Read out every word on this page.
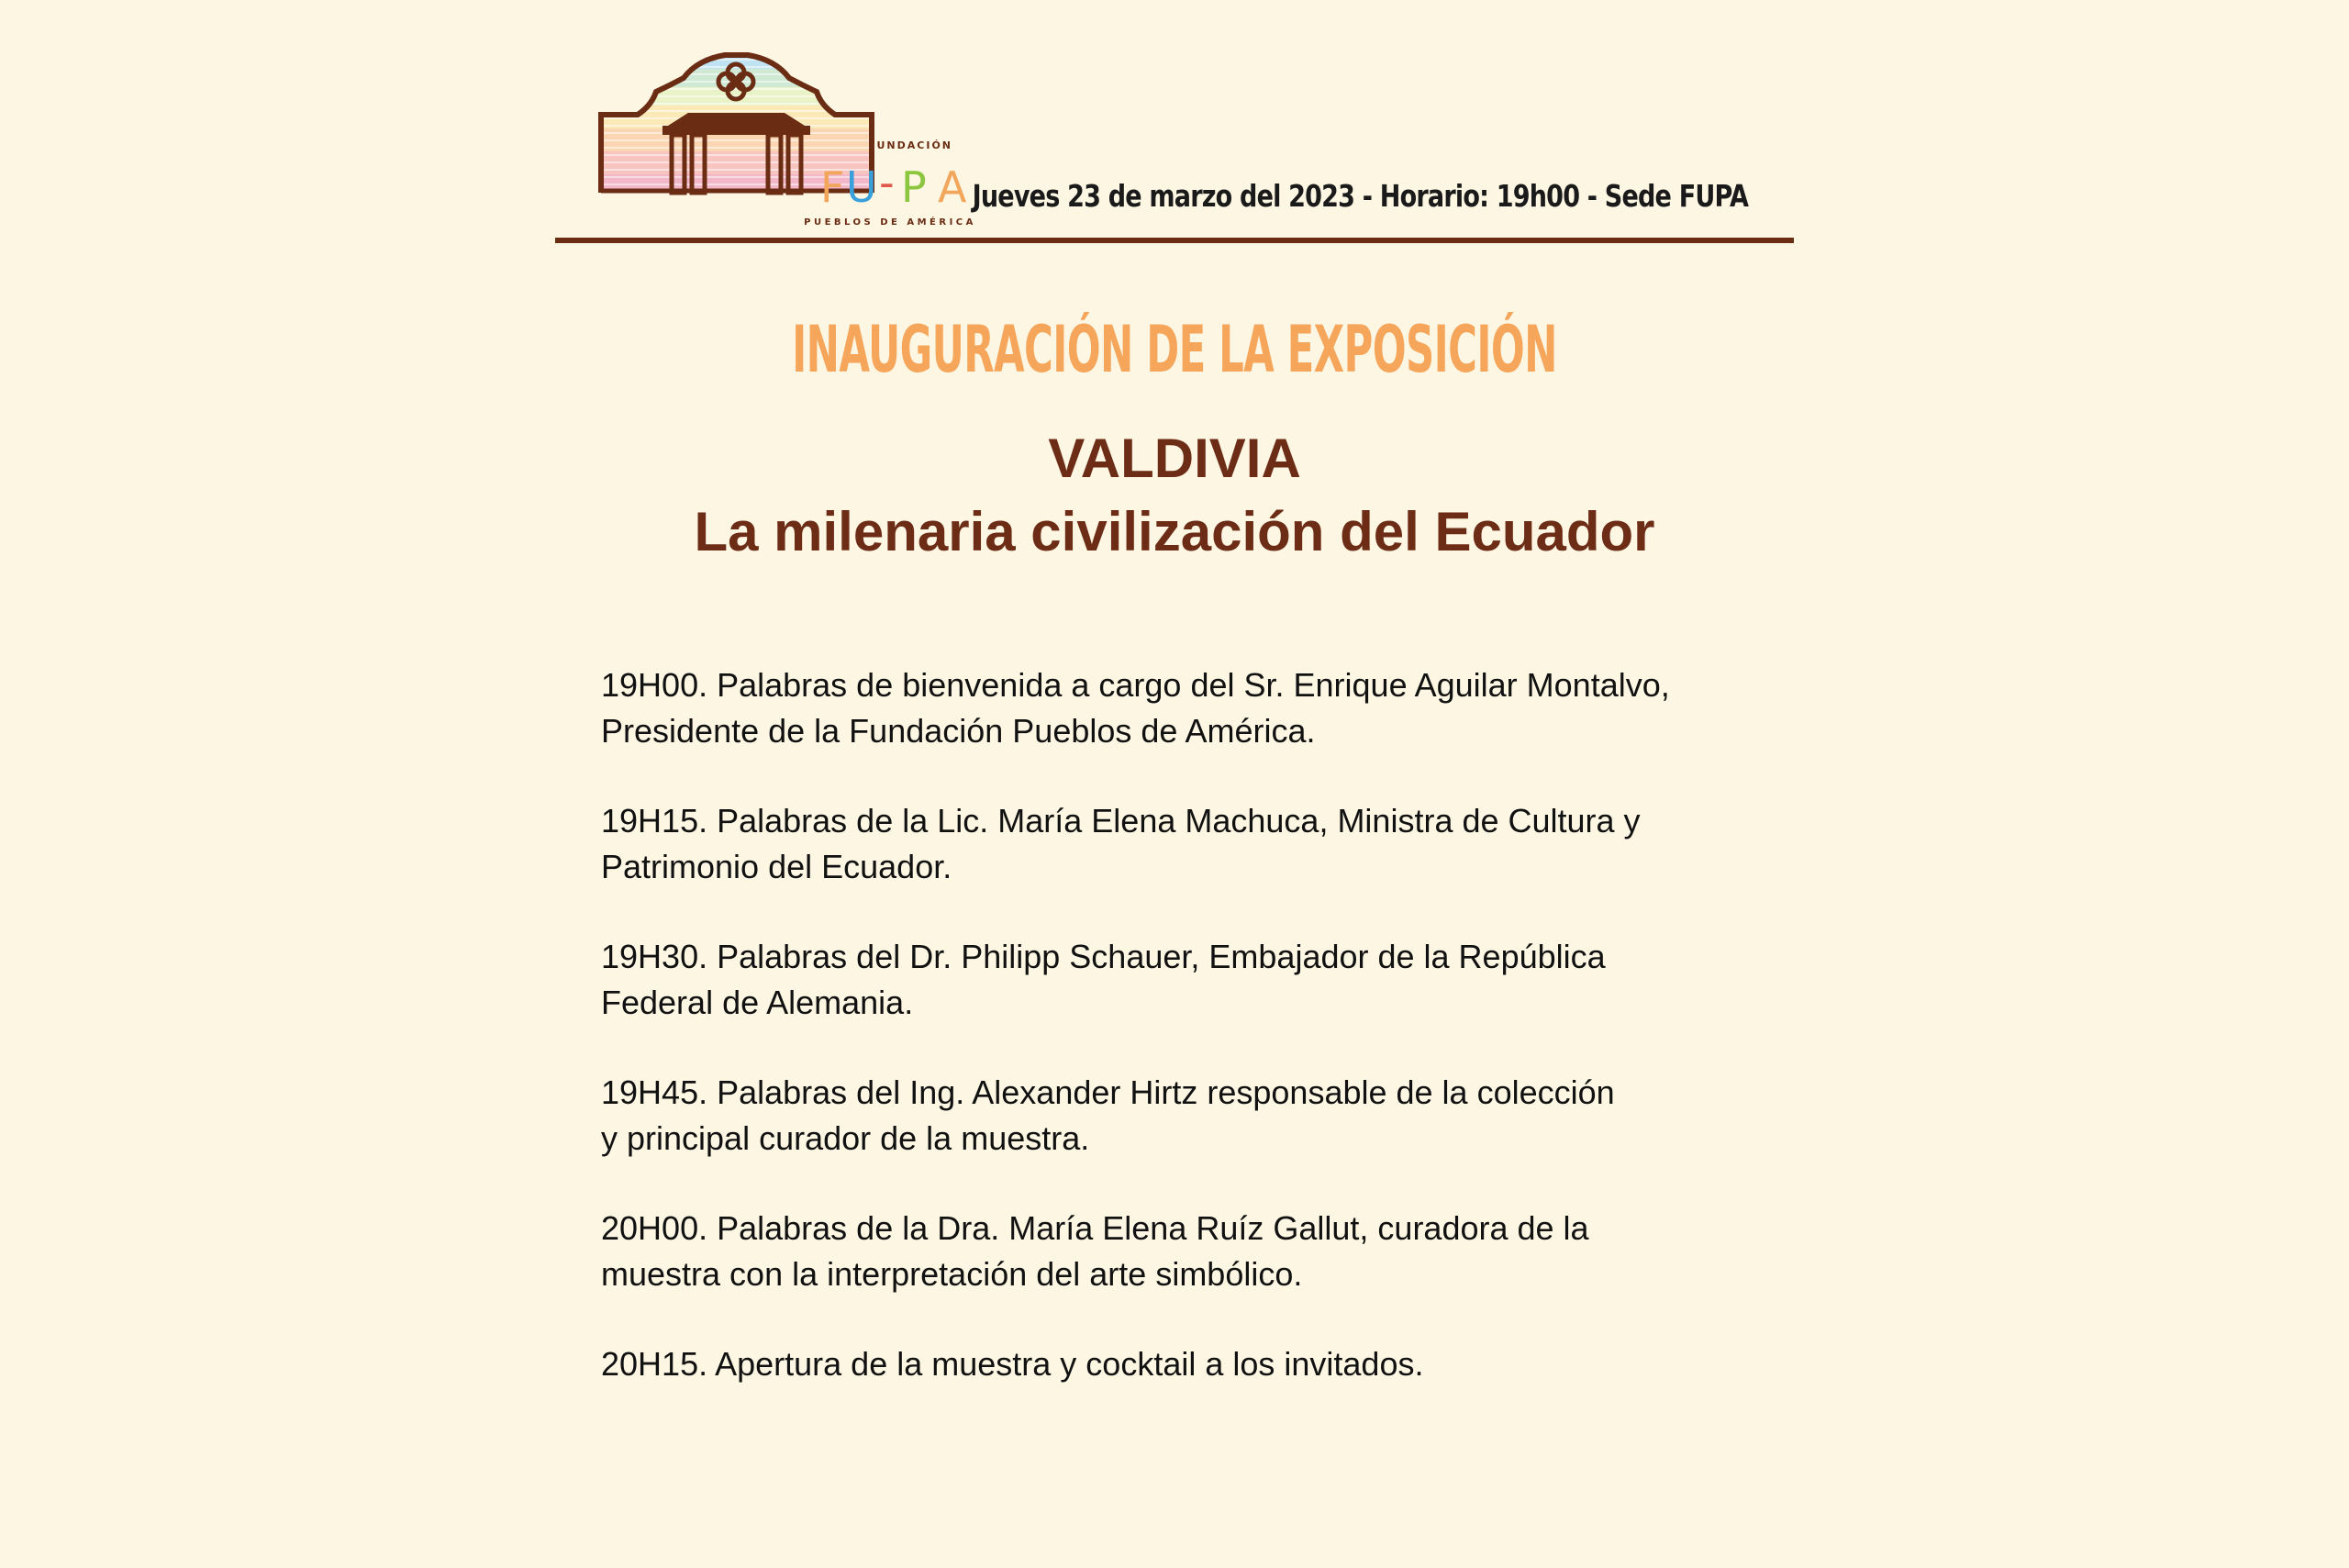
FUNDACIÓN
F U - P A
PUEBLOS DE AMÉRICA
Jueves 23 de marzo del 2023 - Horario: 19h00 - Sede FUPA
INAUGURACIÓN DE LA EXPOSICIÓN
VALDIVIA
La milenaria civilización del Ecuador
19H00. Palabras de bienvenida a cargo del Sr. Enrique Aguilar Montalvo,
Presidente de la Fundación Pueblos de América.
19H15. Palabras de la Lic. María Elena Machuca, Ministra de Cultura y
Patrimonio del Ecuador.
19H30. Palabras del Dr. Philipp Schauer, Embajador de la República
Federal de Alemania.
19H45. Palabras del Ing. Alexander Hirtz responsable de la colección
y principal curador de la muestra.
20H00. Palabras de la Dra. María Elena Ruíz Gallut, curadora de la
muestra con la interpretación del arte simbólico.
20H15. Apertura de la muestra y cocktail a los invitados.
